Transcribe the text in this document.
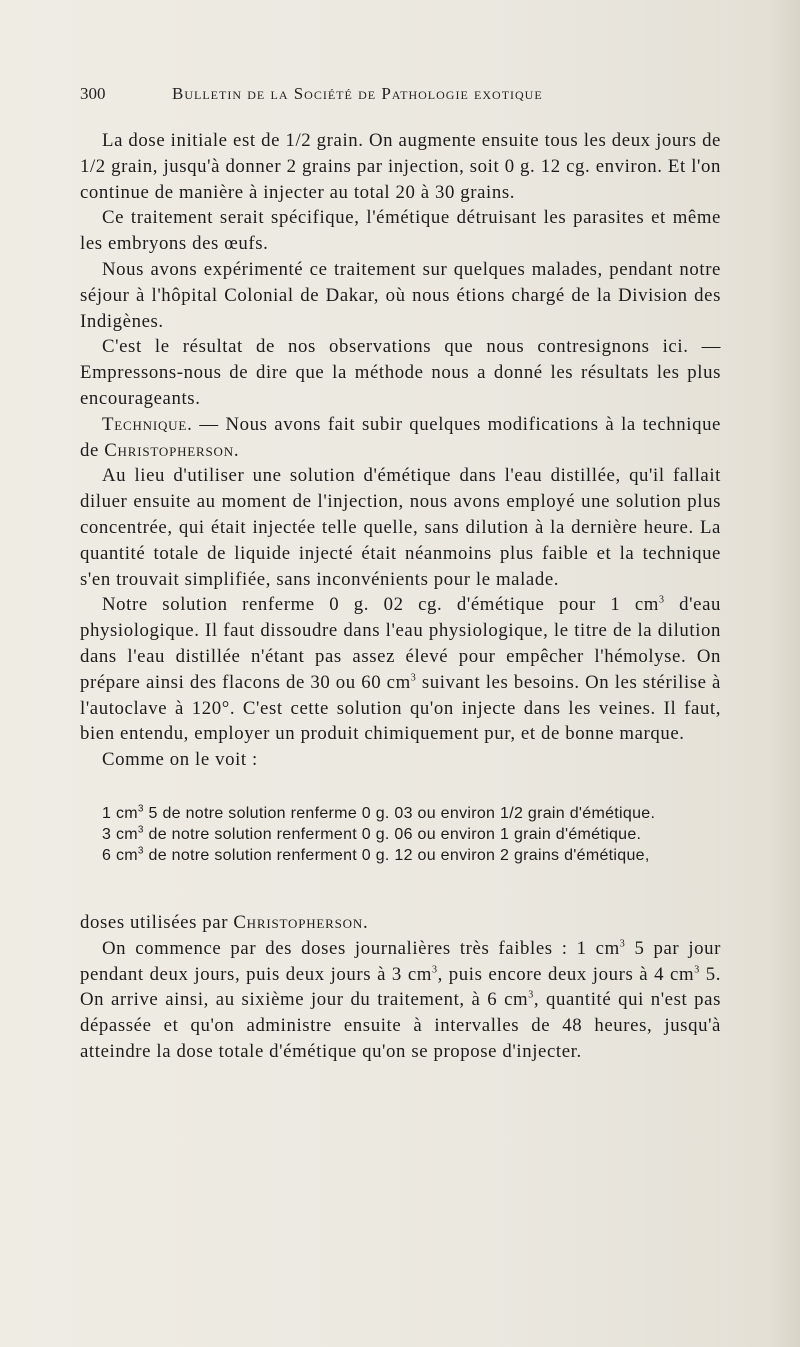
300	Bulletin de la Société de Pathologie exotique

La dose initiale est de 1/2 grain. On augmente ensuite tous les deux jours de 1/2 grain, jusqu'à donner 2 grains par injection, soit 0 g. 12 cg. environ. Et l'on continue de manière à injecter au total 20 à 30 grains.

Ce traitement serait spécifique, l'émétique détruisant les parasites et même les embryons des œufs.

Nous avons expérimenté ce traitement sur quelques malades, pendant notre séjour à l'hôpital Colonial de Dakar, où nous étions chargé de la Division des Indigènes.

C'est le résultat de nos observations que nous contresignons ici. — Empressons-nous de dire que la méthode nous a donné les résultats les plus encourageants.

Technique. — Nous avons fait subir quelques modifications à la technique de Christopherson.

Au lieu d'utiliser une solution d'émétique dans l'eau distillée, qu'il fallait diluer ensuite au moment de l'injection, nous avons employé une solution plus concentrée, qui était injectée telle quelle, sans dilution à la dernière heure. La quantité totale de liquide injecté était néanmoins plus faible et la technique s'en trouvait simplifiée, sans inconvénients pour le malade.

Notre solution renferme 0 g. 02 cg. d'émétique pour 1 $cm^3$ d'eau physiologique. Il faut dissoudre dans l'eau physiologique, le titre de la dilution dans l'eau distillée n'étant pas assez élevé pour empêcher l'hémolyse. On prépare ainsi des flacons de 30 ou 60 $cm^3$ suivant les besoins. On les stérilise à l'autoclave à 120°. C'est cette solution qu'on injecte dans les veines. Il faut, bien entendu, employer un produit chimiquement pur, et de bonne marque.

Comme on le voit :

1 $cm^3$ 5 de notre solution renferme 0 g. 03 ou environ 1/2 grain d'émétique.

3 $cm^3$ de notre solution renferment 0 g. 06 ou environ 1 grain d'émétique.

6 $cm^3$ de notre solution renferment 0 g. 12 ou environ 2 grains d'émétique,

doses utilisées par Christopherson.

On commence par des doses journalières très faibles : 1 $cm^3$ 5 par jour pendant deux jours, puis deux jours à 3 $cm^3$, puis encore deux jours à 4 $cm^3$ 5. On arrive ainsi, au sixième jour du traitement, à 6 $cm^3$, quantité qui n'est pas dépassée et qu'on administre ensuite à intervalles de 48 heures, jusqu'à atteindre la dose totale d'émétique qu'on se propose d'injecter.
